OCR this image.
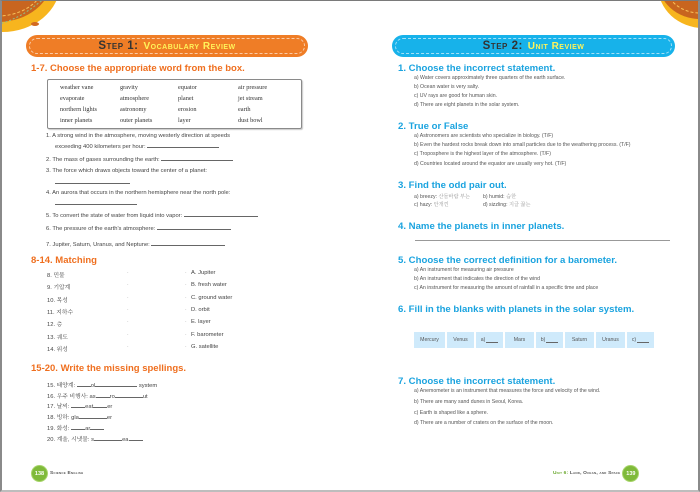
Step 1: Vocabulary Review
1-7. Choose the appropriate word from the box.
weather vane	gravity	equator	air pressure
evaporate	atmosphere	planet	jet stream
northern lights	astronomy	erosion	earth
inner planets	outer planets	layer	dust bowl
1. A strong wind in the atmosphere, moving westerly direction at speeds
exceeding 400 kilometers per hour:
2. The mass of gases surrounding the earth:
3. The force which draws objects toward the center of a planet:
4. An aurora that occurs in the northern hemisphere near the north pole:
5. To convert the state of water from liquid into vapor:
6. The pressure of the earth's atmosphere:
7. Jupiter, Saturn, Uranus, and Neptune:
8-14. Matching
8. 민물	·	· A. Jupiter
9. 기압계	·	· B. fresh water
10. 목성	·	· C. ground water
11. 지하수	·	· D. orbit
12. 층	·	· E. layer
13. 궤도	·	· F. barometer
14. 위성	·	· G. satellite
15-20. Write the missing spellings.
15. 태양계:	ol	system
16. 우주 비행사: as ro	ut
17. 날씨:	eat er
18. 빙하: gla	er
19. 화성:	ar
20. 계울, 시냇물: s	ea
138	Science English
Step 2: Unit Review
1. Choose the incorrect statement.
a) Water covers approximately three quarters of the earth surface.
b) Ocean water is very salty.
c) UV rays are good for human skin.
d) There are eight planets in the solar system.
2. True or False
a) Astronomers are scientists who specialize in biology. (T/F)
b) Even the hardest rocks break down into small particles due to the weathering process. (T/F)
c) Troposphere is the highest layer of the atmosphere. (T/F)
d) Countries located around the equator are usually very hot. (T/F)
3. Find the odd pair out.
a) breezy: 산들바람 부는 b) humid: 습한
c) hazy: 안개낀	d) sizzling: 지글 끓는
4. Name the planets in inner planets.
5. Choose the correct definition for a barometer.
a) An instrument for measuring air pressure
b) An instrument that indicates the direction of the wind
c) An instrument for measuring the amount of rainfall in a specific time and place
6. Fill in the blanks with planets in the solar system.
Mercury	Venus a)	Mars	b)	Saturn	Uranus c)
7. Choose the incorrect statement.
a) Anemometer is an instrument that measures the force and velocity of the wind.
b) There are many sand dunes in Seoul, Korea.
c) Earth is shaped like a sphere.
d) There are a number of craters on the surface of the moon.
Unit 6: Land, Ocean, and Space	139
